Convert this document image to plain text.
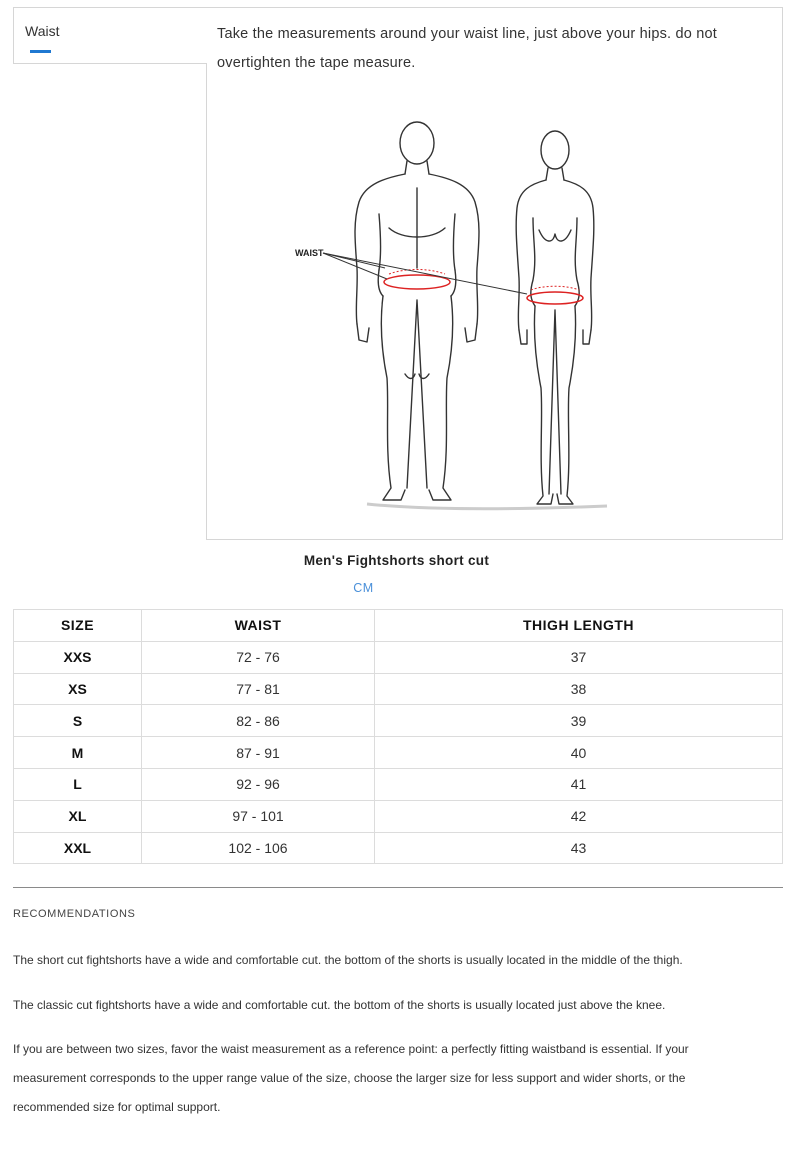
Waist	Take the measurements around your waist line, just above your hips. do not overtighten the tape measure.

WAIST
Men's Fightshorts short cut
CM
SIZE	WAIST	THIGH LENGTH
XXS	72 - 76	37
XS	77 - 81	38
S	82 - 86	39
M	87 - 91	40
L	92 - 96	41
XL	97 - 101	42
XXL	102 - 106	43
RECOMMENDATIONS

The short cut fightshorts have a wide and comfortable cut. the bottom of the shorts is usually located in the middle of the thigh.

The classic cut fightshorts have a wide and comfortable cut. the bottom of the shorts is usually located just above the knee.

If you are between two sizes, favor the waist measurement as a reference point: a perfectly fitting waistband is essential. If your measurement corresponds to the upper range value of the size, choose the larger size for less support and wider shorts, or the recommended size for optimal support.
